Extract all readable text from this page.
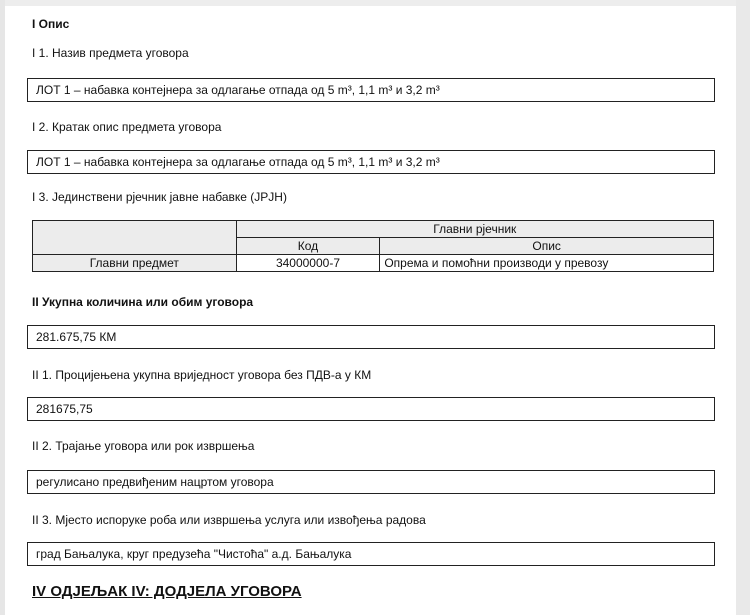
I Опис
I 1. Назив предмета уговора
ЛОТ 1 – набавка контејнера за одлагање отпада од 5 m³, 1,1 m³ и 3,2 m³
I 2. Кратак опис предмета уговора
ЛОТ 1 – набавка контејнера за одлагање отпада од 5 m³, 1,1 m³ и 3,2 m³
I 3. Јединствени рјечник јавне набавке (JPJH)
	Главни рјечник	
	Код	Опис
Главни предмет	34000000-7	Опрема и помоћни производи у превозу
II Укупна количина или обим уговора
281.675,75 КМ
II 1. Процијењена укупна вриједност уговора без ПДВ-а у КМ
281675,75
II 2. Трајање уговора или рок извршења
регулисано предвиђеним нацртом уговора
II 3. Мјесто испоруке роба или извршења услуга или извођења радова
град Бањалука, круг предузећа "Чистоћа" а.д. Бањалука
IV ОДЈЕЉАК IV: ДОДЈЕЛА УГОВОРА
